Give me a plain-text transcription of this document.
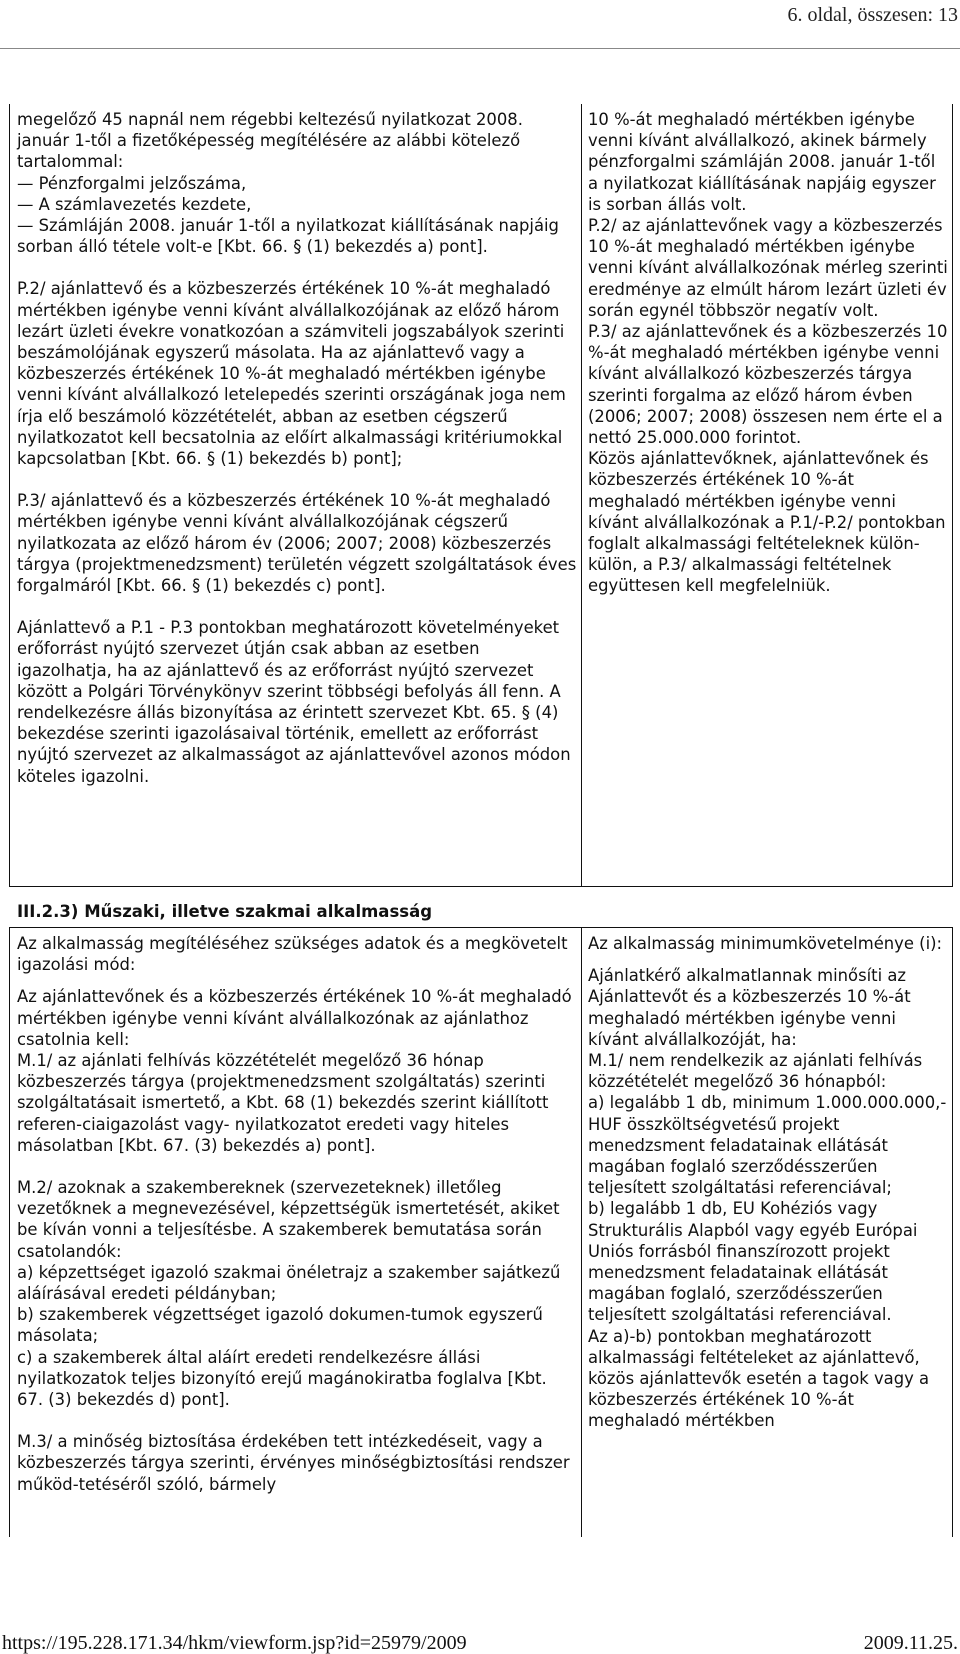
6. oldal, összesen: 13

megelőző 45 napnál nem régebbi keltezésű nyilatkozat 2008. január 1-től a fizetőképesség megítélésére az alábbi kötelező tartalommal:

— Pénzforgalmi jelzőszáma,

— A számlavezetés kezdete,

— Számláján 2008. január 1-től a nyilatkozat kiállításának napjáig sorban álló tétele volt-e [Kbt. 66. § (1) bekezdés a) pont].

P.2/ ajánlattevő és a közbeszerzés értékének 10 %-át meghaladó mértékben igénybe venni kívánt alvállalkozójának az előző három lezárt üzleti évekre vonatkozóan a számviteli jogszabályok szerinti beszámolójának egyszerű másolata. Ha az ajánlattevő vagy a közbeszerzés értékének 10 %-át meghaladó mértékben igénybe venni kívánt alvállalkozó letelepedés szerinti országának joga nem írja elő beszámoló közzétételét, abban az esetben cégszerű nyilatkozatot kell becsatolnia az előírt alkalmassági kritériumokkal kapcsolatban [Kbt. 66. § (1) bekezdés b) pont];

P.3/ ajánlattevő és a közbeszerzés értékének 10 %-át meghaladó mértékben igénybe venni kívánt alvállalkozójának cégszerű nyilatkozata az előző három év (2006; 2007; 2008) közbeszerzés tárgya (projektmenedzsment) területén végzett szolgáltatások éves forgalmáról [Kbt. 66. § (1) bekezdés c) pont].

Ajánlattevő a P.1 - P.3 pontokban meghatározott követelményeket erőforrást nyújtó szervezet útján csak abban az esetben igazolhatja, ha az ajánlattevő és az erőforrást nyújtó szervezet között a Polgári Törvénykönyv szerint többségi befolyás áll fenn. A rendelkezésre állás bizonyítása az érintett szervezet Kbt. 65. § (4) bekezdése szerinti igazolásaival történik, emellett az erőforrást nyújtó szervezet az alkalmasságot az ajánlattevővel azonos módon köteles igazolni.

10 %-át meghaladó mértékben igénybe venni kívánt alvállalkozó, akinek bármely pénzforgalmi számláján 2008. január 1-től a nyilatkozat kiállításának napjáig egyszer is sorban állás volt.

P.2/ az ajánlattevőnek vagy a közbeszerzés 10 %-át meghaladó mértékben igénybe venni kívánt alvállalkozónak mérleg szerinti eredménye az elmúlt három lezárt üzleti év során egynél többször negatív volt.

P.3/ az ajánlattevőnek és a közbeszerzés 10 %-át meghaladó mértékben igénybe venni kívánt alvállalkozó közbeszerzés tárgya szerinti forgalma az előző három évben (2006; 2007; 2008) összesen nem érte el a nettó 25.000.000 forintot.

Közös ajánlattevőknek, ajánlattevőnek és közbeszerzés értékének 10 %-át meghaladó mértékben igénybe venni kívánt alvállalkozónak a P.1/-P.2/ pontokban foglalt alkalmassági feltételeknek külön-külön, a P.3/ alkalmassági feltételnek együttesen kell megfelelniük.

III.2.3) Műszaki, illetve szakmai alkalmasság

Az alkalmasság megítéléséhez szükséges adatok és a megkövetelt igazolási mód:

Az ajánlattevőnek és a közbeszerzés értékének 10 %-át meghaladó mértékben igénybe venni kívánt alvállalkozónak az ajánlathoz csatolnia kell:

M.1/ az ajánlati felhívás közzétételét megelőző 36 hónap közbeszerzés tárgya (projektmenedzsment szolgáltatás) szerinti szolgáltatásait ismertető, a Kbt. 68 (1) bekezdés szerint kiállított referen-ciaigazolást vagy- nyilatkozatot eredeti vagy hiteles másolatban [Kbt. 67. (3) bekezdés a) pont].

M.2/ azoknak a szakembereknek (szervezeteknek) illetőleg vezetőknek a megnevezésével, képzettségük ismertetését, akiket be kíván vonni a teljesítésbe. A szakemberek bemutatása során csatolandók:

a) képzettséget igazoló szakmai önéletrajz a szakember sajátkezű aláírásával eredeti példányban;

b) szakemberek végzettséget igazoló dokumen-tumok egyszerű másolata;

c) a szakemberek által aláírt eredeti rendelkezésre állási nyilatkozatok teljes bizonyító erejű magánokiratba foglalva [Kbt. 67. (3) bekezdés d) pont].

M.3/ a minőség biztosítása érdekében tett intézkedéseit, vagy a közbeszerzés tárgya szerinti, érvényes minőségbiztosítási rendszer működ-tetéséről szóló, bármely

Az alkalmasság minimumkövetelménye (i):

Ajánlatkérő alkalmatlannak minősíti az Ajánlattevőt és a közbeszerzés 10 %-át meghaladó mértékben igénybe venni kívánt alvállalkozóját, ha:

M.1/ nem rendelkezik az ajánlati felhívás közzétételét megelőző 36 hónapból:

a) legalább 1 db, minimum 1.000.000.000,-HUF összköltségvetésű projekt menedzsment feladatainak ellátását magában foglaló szerződésszerűen teljesített szolgáltatási referenciával;

b) legalább 1 db, EU Kohéziós vagy Strukturális Alapból vagy egyéb Európai Uniós forrásból finanszírozott projekt menedzsment feladatainak ellátását magában foglaló, szerződésszerűen teljesített szolgáltatási referenciával.

Az a)-b) pontokban meghatározott alkalmassági feltételeket az ajánlattevő, közös ajánlattevők esetén a tagok vagy a közbeszerzés értékének 10 %-át meghaladó mértékben

https://195.228.171.34/hkm/viewform.jsp?id=25979/2009	2009.11.25.
